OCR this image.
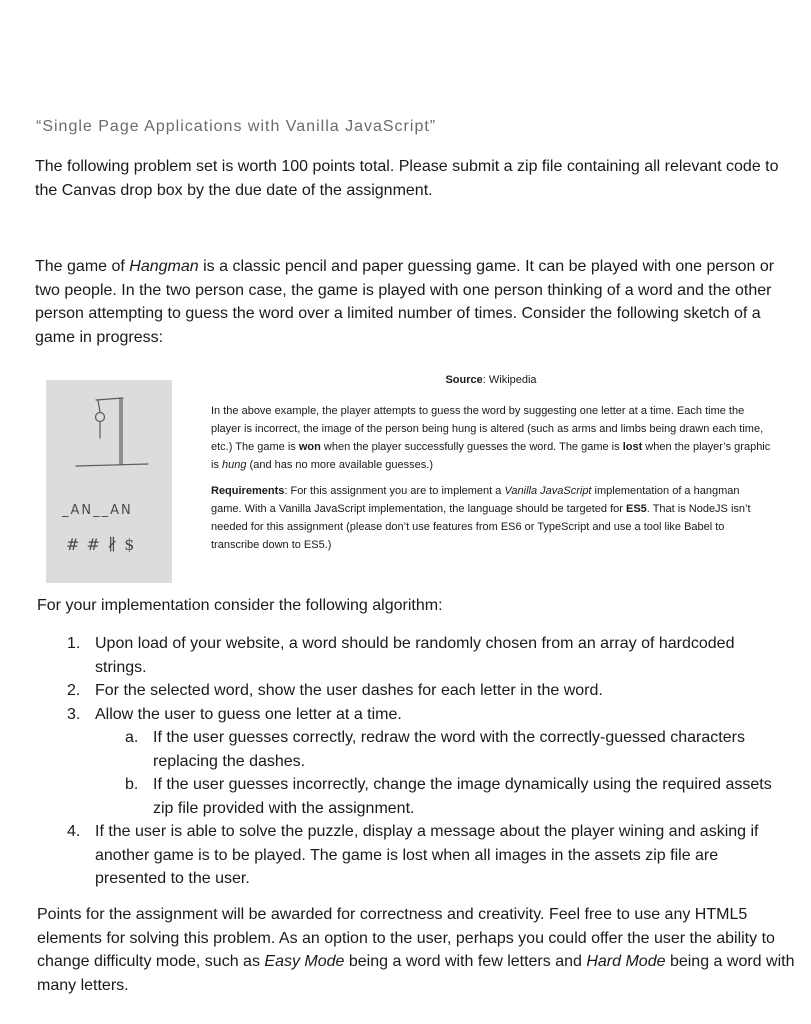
“Single Page Applications with Vanilla JavaScript”
The following problem set is worth 100 points total. Please submit a zip file containing all relevant code to the Canvas drop box by the due date of the assignment.
The game of Hangman is a classic pencil and paper guessing game. It can be played with one person or two people. In the two person case, the game is played with one person thinking of a word and the other person attempting to guess the word over a limited number of times. Consider the following sketch of a game in progress:
_AN__AN
# # ∦ $
Source: Wikipedia
In the above example, the player attempts to guess the word by suggesting one letter at a time. Each time the player is incorrect, the image of the person being hung is altered (such as arms and limbs being drawn each time, etc.) The game is won when the player successfully guesses the word. The game is lost when the player’s graphic is hung (and has no more available guesses.)
Requirements: For this assignment you are to implement a Vanilla JavaScript implementation of a hangman game. With a Vanilla JavaScript implementation, the language should be targeted for ES5. That is NodeJS isn’t needed for this assignment (please don’t use features from ES6 or TypeScript and use a tool like Babel to transcribe down to ES5.)
For your implementation consider the following algorithm:
1. Upon load of your website, a word should be randomly chosen from an array of hardcoded strings.
2. For the selected word, show the user dashes for each letter in the word.
3. Allow the user to guess one letter at a time.
a. If the user guesses correctly, redraw the word with the correctly-guessed characters replacing the dashes.
b. If the user guesses incorrectly, change the image dynamically using the required assets zip file provided with the assignment.
4. If the user is able to solve the puzzle, display a message about the player wining and asking if another game is to be played. The game is lost when all images in the assets zip file are presented to the user.
Points for the assignment will be awarded for correctness and creativity. Feel free to use any HTML5 elements for solving this problem. As an option to the user, perhaps you could offer the user the ability to change difficulty mode, such as Easy Mode being a word with few letters and Hard Mode being a word with many letters.
